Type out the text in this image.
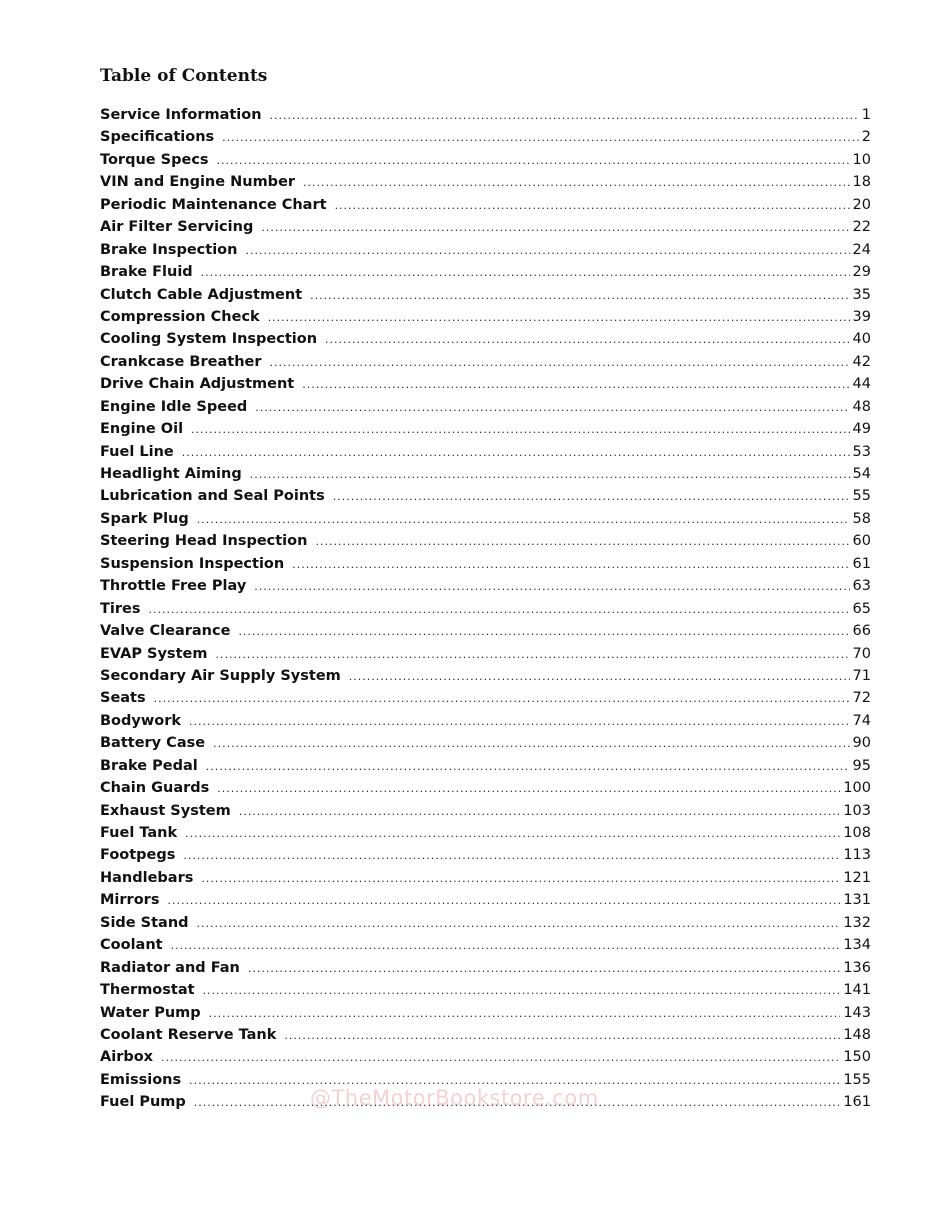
Table of Contents
Service Information .....	1
Specifications .....	2
Torque Specs .....	10
VIN and Engine Number .....	18
Periodic Maintenance Chart .....	20
Air Filter Servicing .....	22
Brake Inspection .....	24
Brake Fluid .....	29
Clutch Cable Adjustment .....	35
Compression Check .....	39
Cooling System Inspection .....	40
Crankcase Breather .....	42
Drive Chain Adjustment .....	44
Engine Idle Speed .....	48
Engine Oil .....	49
Fuel Line .....	53
Headlight Aiming .....	54
Lubrication and Seal Points .....	55
Spark Plug .....	58
Steering Head Inspection .....	60
Suspension Inspection .....	61
Throttle Free Play .....	63
Tires .....	65
Valve Clearance .....	66
EVAP System .....	70
Secondary Air Supply System .....	71
Seats .....	72
Bodywork .....	74
Battery Case .....	90
Brake Pedal .....	95
Chain Guards .....	100
Exhaust System .....	103
Fuel Tank .....	108
Footpegs .....	113
Handlebars .....	121
Mirrors .....	131
Side Stand .....	132
Coolant .....	134
Radiator and Fan .....	136
Thermostat .....	141
Water Pump .....	143
Coolant Reserve Tank .....	148
Airbox .....	150
Emissions .....	155
Fuel Pump .....	161
@TheMotorBookstore.com
